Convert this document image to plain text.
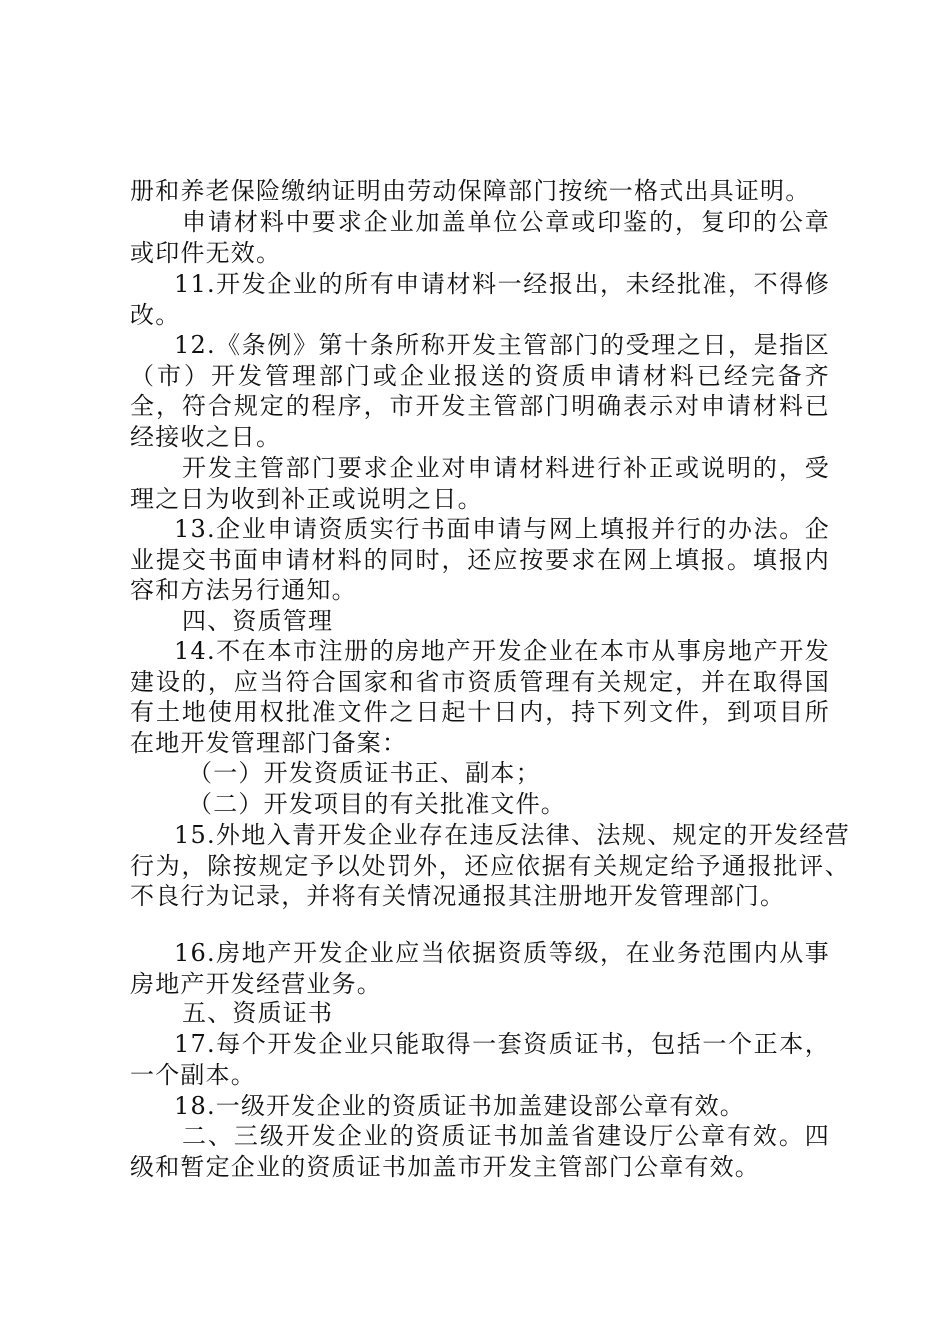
册和养老保险缴纳证明由劳动保障部门按统一格式出具证明。

申请材料中要求企业加盖单位公章或印鉴的，复印的公章或印件无效。

11.开发企业的所有申请材料一经报出，未经批准，不得修改。

12.《条例》第十条所称开发主管部门的受理之日，是指区（市）开发管理部门或企业报送的资质申请材料已经完备齐全，符合规定的程序，市开发主管部门明确表示对申请材料已经接收之日。

开发主管部门要求企业对申请材料进行补正或说明的，受理之日为收到补正或说明之日。

13.企业申请资质实行书面申请与网上填报并行的办法。企业提交书面申请材料的同时，还应按要求在网上填报。填报内容和方法另行通知。

四、资质管理

14.不在本市注册的房地产开发企业在本市从事房地产开发建设的，应当符合国家和省市资质管理有关规定，并在取得国有土地使用权批准文件之日起十日内，持下列文件，到项目所在地开发管理部门备案：

（一）开发资质证书正、副本；

（二）开发项目的有关批准文件。

15.外地入青开发企业存在违反法律、法规、规定的开发经营行为，除按规定予以处罚外，还应依据有关规定给予通报批评、不良行为记录，并将有关情况通报其注册地开发管理部门。

16.房地产开发企业应当依据资质等级，在业务范围内从事房地产开发经营业务。

五、资质证书

17.每个开发企业只能取得一套资质证书，包括一个正本，一个副本。

18.一级开发企业的资质证书加盖建设部公章有效。

二、三级开发企业的资质证书加盖省建设厅公章有效。四级和暂定企业的资质证书加盖市开发主管部门公章有效。
